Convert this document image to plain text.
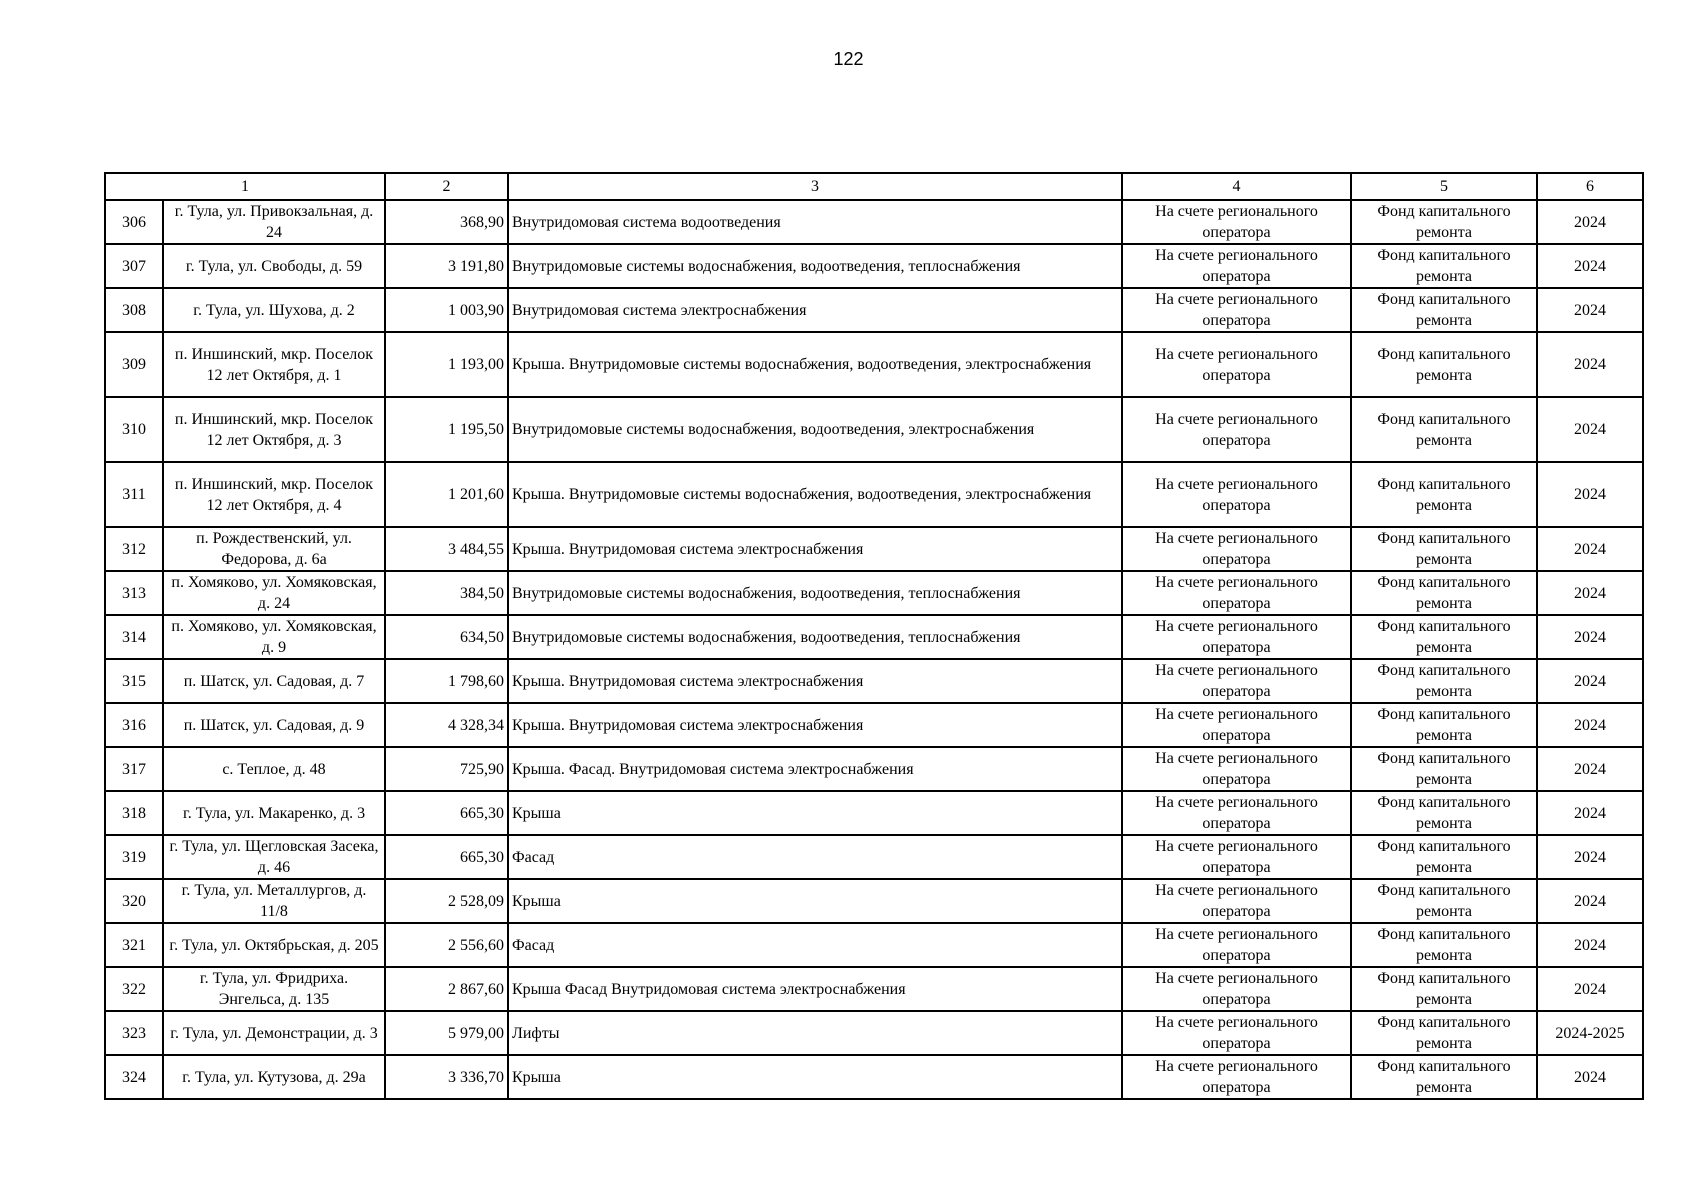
122
1		2	3	4	5	6
306	г. Тула, ул. Привокзальная, д. 24	368,90	Внутридомовая система водоотведения	На счете регионального оператора	Фонд капитального ремонта	2024
307	г. Тула, ул. Свободы, д. 59	3 191,80	Внутридомовые системы водоснабжения, водоотведения, теплоснабжения	На счете регионального оператора	Фонд капитального ремонта	2024
308	г. Тула, ул. Шухова, д. 2	1 003,90	Внутридомовая система электроснабжения	На счете регионального оператора	Фонд капитального ремонта	2024
309	п. Иншинский, мкр. Поселок 12 лет Октября, д. 1	1 193,00	Крыша. Внутридомовые системы водоснабжения, водоотведения, электроснабжения	На счете регионального оператора	Фонд капитального ремонта	2024
310	п. Иншинский, мкр. Поселок 12 лет Октября, д. 3	1 195,50	Внутридомовые системы водоснабжения, водоотведения, электроснабжения	На счете регионального оператора	Фонд капитального ремонта	2024
311	п. Иншинский, мкр. Поселок 12 лет Октября, д. 4	1 201,60	Крыша. Внутридомовые системы водоснабжения, водоотведения, электроснабжения	На счете регионального оператора	Фонд капитального ремонта	2024
312	п. Рождественский, ул. Федорова, д. 6а	3 484,55	Крыша. Внутридомовая система электроснабжения	На счете регионального оператора	Фонд капитального ремонта	2024
313	п. Хомяково, ул. Хомяковская, д. 24	384,50	Внутридомовые системы водоснабжения, водоотведения, теплоснабжения	На счете регионального оператора	Фонд капитального ремонта	2024
314	п. Хомяково, ул. Хомяковская, д. 9	634,50	Внутридомовые системы водоснабжения, водоотведения, теплоснабжения	На счете регионального оператора	Фонд капитального ремонта	2024
315	п. Шатск, ул. Садовая, д. 7	1 798,60	Крыша. Внутридомовая система электроснабжения	На счете регионального оператора	Фонд капитального ремонта	2024
316	п. Шатск, ул. Садовая, д. 9	4 328,34	Крыша. Внутридомовая система электроснабжения	На счете регионального оператора	Фонд капитального ремонта	2024
317	с. Теплое, д. 48	725,90	Крыша. Фасад. Внутридомовая система электроснабжения	На счете регионального оператора	Фонд капитального ремонта	2024
318	г. Тула, ул. Макаренко, д. 3	665,30	Крыша	На счете регионального оператора	Фонд капитального ремонта	2024
319	г. Тула, ул. Щегловская Засека, д. 46	665,30	Фасад	На счете регионального оператора	Фонд капитального ремонта	2024
320	г. Тула, ул. Металлургов, д. 11/8	2 528,09	Крыша	На счете регионального оператора	Фонд капитального ремонта	2024
321	г. Тула, ул. Октябрьская, д. 205	2 556,60	Фасад	На счете регионального оператора	Фонд капитального ремонта	2024
322	г. Тула, ул. Фридриха. Энгельса, д. 135	2 867,60	Крыша Фасад Внутридомовая система электроснабжения	На счете регионального оператора	Фонд капитального ремонта	2024
323	г. Тула, ул. Демонстрации, д. 3	5 979,00	Лифты	На счете регионального оператора	Фонд капитального ремонта	2024-2025
324	г. Тула, ул. Кутузова, д. 29а	3 336,70	Крыша	На счете регионального оператора	Фонд капитального ремонта	2024
